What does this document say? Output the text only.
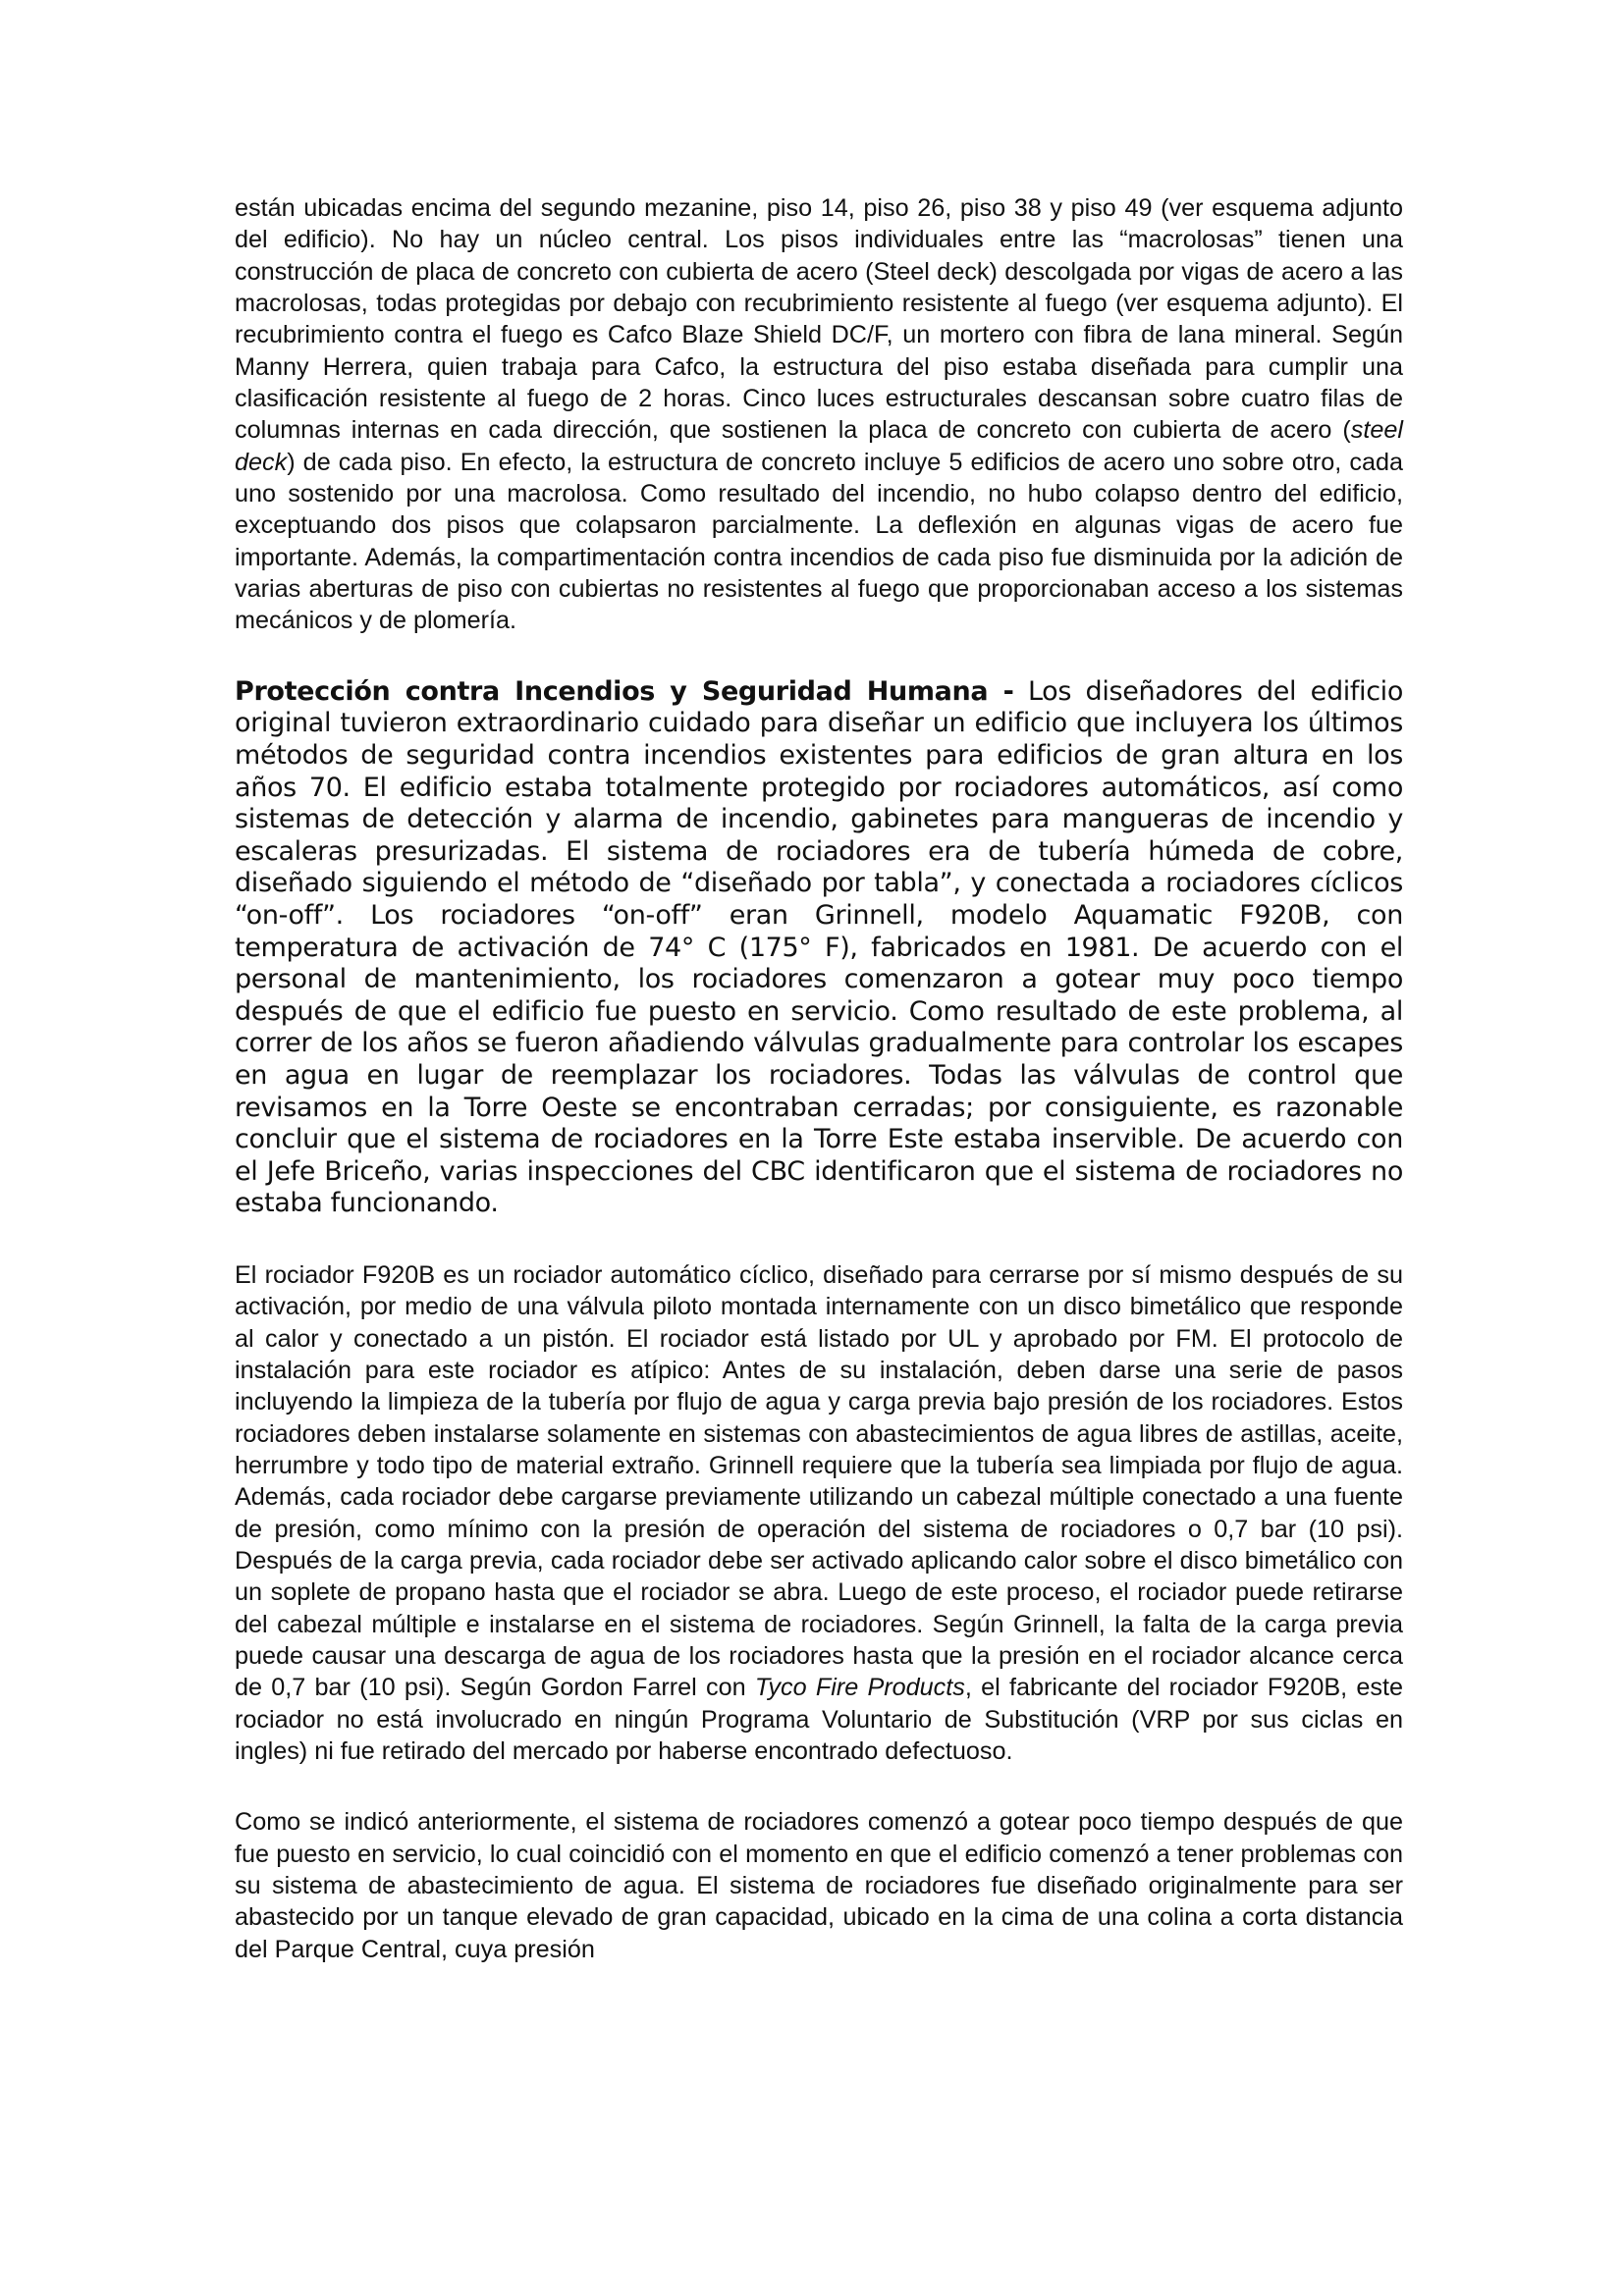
están ubicadas encima del segundo mezanine, piso 14, piso 26, piso 38 y piso 49 (ver esquema adjunto del edificio). No hay un núcleo central. Los pisos individuales entre las “macrolosas” tienen una construcción de placa de concreto con cubierta de acero (Steel deck) descolgada por vigas de acero a las macrolosas, todas protegidas por debajo con recubrimiento resistente al fuego (ver esquema adjunto). El recubrimiento contra el fuego es Cafco Blaze Shield DC/F, un mortero con fibra de lana mineral. Según Manny Herrera, quien trabaja para Cafco, la estructura del piso estaba diseñada para cumplir una clasificación resistente al fuego de 2 horas. Cinco luces estructurales descansan sobre cuatro filas de columnas internas en cada dirección, que sostienen la placa de concreto con cubierta de acero (steel deck) de cada piso. En efecto, la estructura de concreto incluye 5 edificios de acero uno sobre otro, cada uno sostenido por una macrolosa. Como resultado del incendio, no hubo colapso dentro del edificio, exceptuando dos pisos que colapsaron parcialmente. La deflexión en algunas vigas de acero fue importante. Además, la compartimentación contra incendios de cada piso fue disminuida por la adición de varias aberturas de piso con cubiertas no resistentes al fuego que proporcionaban acceso a los sistemas mecánicos y de plomería.

Protección contra Incendios y Seguridad Humana - Los diseñadores del edificio original tuvieron extraordinario cuidado para diseñar un edificio que incluyera los últimos métodos de seguridad contra incendios existentes para edificios de gran altura en los años 70. El edificio estaba totalmente protegido por rociadores automáticos, así como sistemas de detección y alarma de incendio, gabinetes para mangueras de incendio y escaleras presurizadas. El sistema de rociadores era de tubería húmeda de cobre, diseñado siguiendo el método de “diseñado por tabla”, y conectada a rociadores cíclicos “on-off”. Los rociadores “on-off” eran Grinnell, modelo Aquamatic F920B, con temperatura de activación de 74° C (175° F), fabricados en 1981. De acuerdo con el personal de mantenimiento, los rociadores comenzaron a gotear muy poco tiempo después de que el edificio fue puesto en servicio. Como resultado de este problema, al correr de los años se fueron añadiendo válvulas gradualmente para controlar los escapes en agua en lugar de reemplazar los rociadores. Todas las válvulas de control que revisamos en la Torre Oeste se encontraban cerradas; por consiguiente, es razonable concluir que el sistema de rociadores en la Torre Este estaba inservible. De acuerdo con el Jefe Briceño, varias inspecciones del CBC identificaron que el sistema de rociadores no estaba funcionando.

El rociador F920B es un rociador automático cíclico, diseñado para cerrarse por sí mismo después de su activación, por medio de una válvula piloto montada internamente con un disco bimetálico que responde al calor y conectado a un pistón. El rociador está listado por UL y aprobado por FM. El protocolo de instalación para este rociador es atípico: Antes de su instalación, deben darse una serie de pasos incluyendo la limpieza de la tubería por flujo de agua y carga previa bajo presión de los rociadores. Estos rociadores deben instalarse solamente en sistemas con abastecimientos de agua libres de astillas, aceite, herrumbre y todo tipo de material extraño. Grinnell requiere que la tubería sea limpiada por flujo de agua. Además, cada rociador debe cargarse previamente utilizando un cabezal múltiple conectado a una fuente de presión, como mínimo con la presión de operación del sistema de rociadores o 0,7 bar (10 psi). Después de la carga previa, cada rociador debe ser activado aplicando calor sobre el disco bimetálico con un soplete de propano hasta que el rociador se abra. Luego de este proceso, el rociador puede retirarse del cabezal múltiple e instalarse en el sistema de rociadores. Según Grinnell, la falta de la carga previa puede causar una descarga de agua de los rociadores hasta que la presión en el rociador alcance cerca de 0,7 bar (10 psi). Según Gordon Farrel con Tyco Fire Products, el fabricante del rociador F920B, este rociador no está involucrado en ningún Programa Voluntario de Substitución (VRP por sus ciclas en ingles) ni fue retirado del mercado por haberse encontrado defectuoso.

Como se indicó anteriormente, el sistema de rociadores comenzó a gotear poco tiempo después de que fue puesto en servicio, lo cual coincidió con el momento en que el edificio comenzó a tener problemas con su sistema de abastecimiento de agua. El sistema de rociadores fue diseñado originalmente para ser abastecido por un tanque elevado de gran capacidad, ubicado en la cima de una colina a corta distancia del Parque Central, cuya presión
